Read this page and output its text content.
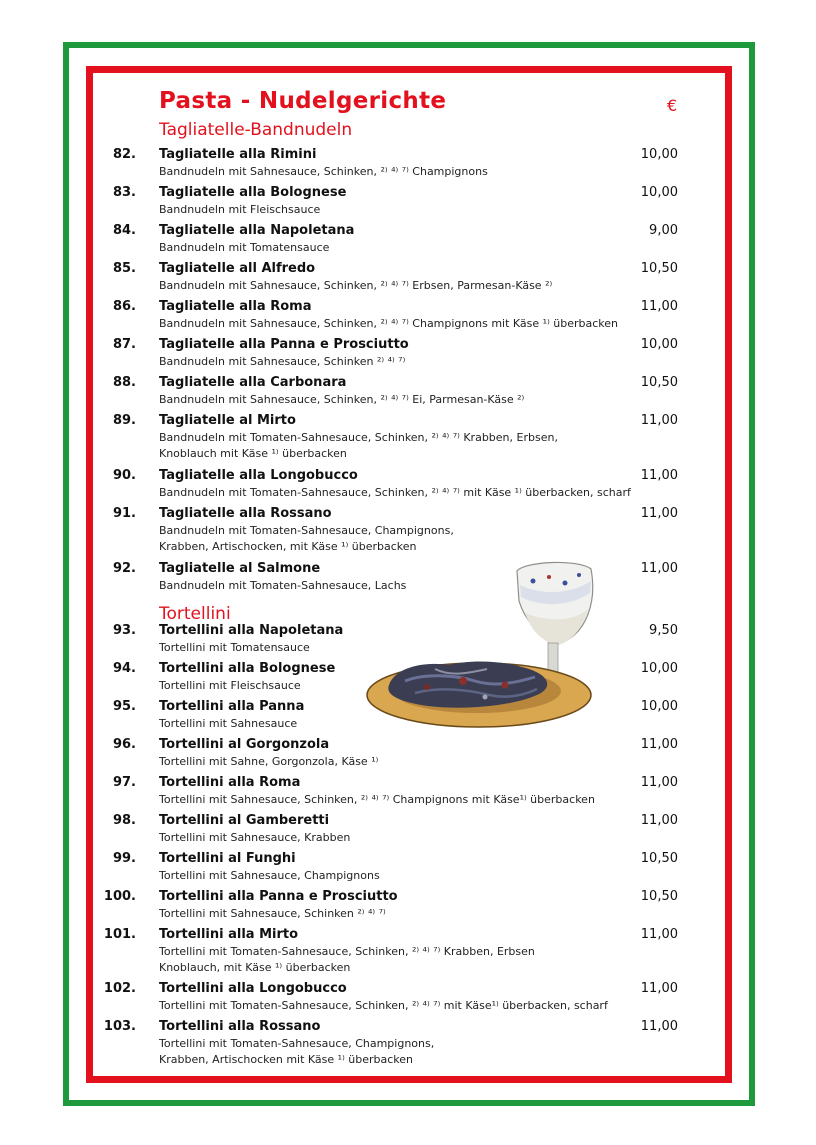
Pasta - Nudelgerichte	€
Tagliatelle-Bandnudeln
82. Tagliatelle alla Rimini
Bandnudeln mit Sahnesauce, Schinken, ²⁾ ⁴⁾ ⁷⁾ Champignons
10,00
83. Tagliatelle alla Bolognese
Bandnudeln mit Fleischsauce
10,00
84. Tagliatelle alla Napoletana
Bandnudeln mit Tomatensauce
9,00
85. Tagliatelle all Alfredo
Bandnudeln mit Sahnesauce, Schinken, ²⁾ ⁴⁾ ⁷⁾ Erbsen, Parmesan-Käse ²⁾
10,50
86. Tagliatelle alla Roma
Bandnudeln mit Sahnesauce, Schinken, ²⁾ ⁴⁾ ⁷⁾ Champignons mit Käse ¹⁾ überbacken
11,00
87. Tagliatelle alla Panna e Prosciutto
Bandnudeln mit Sahnesauce, Schinken ²⁾ ⁴⁾ ⁷⁾
10,00
88. Tagliatelle alla Carbonara
Bandnudeln mit Sahnesauce, Schinken, ²⁾ ⁴⁾ ⁷⁾ Ei, Parmesan-Käse ²⁾
10,50
89. Tagliatelle al Mirto
Bandnudeln mit Tomaten-Sahnesauce, Schinken, ²⁾ ⁴⁾ ⁷⁾ Krabben, Erbsen, Knoblauch mit Käse ¹⁾ überbacken
11,00
90. Tagliatelle alla Longobucco
Bandnudeln mit Tomaten-Sahnesauce, Schinken, ²⁾ ⁴⁾ ⁷⁾ mit Käse ¹⁾ überbacken, scharf
11,00
91. Tagliatelle alla Rossano
Bandnudeln mit Tomaten-Sahnesauce, Champignons, Krabben, Artischocken, mit Käse ¹⁾ überbacken
11,00
92. Tagliatelle al Salmone
Bandnudeln mit Tomaten-Sahnesauce, Lachs
11,00
Tortellini
93. Tortellini alla Napoletana
Tortellini mit Tomatensauce
9,50
94. Tortellini alla Bolognese
Tortellini mit Fleischsauce
10,00
95. Tortellini alla Panna
Tortellini mit Sahnesauce
10,00
96. Tortellini al Gorgonzola
Tortellini mit Sahne, Gorgonzola, Käse ¹⁾
11,00
97. Tortellini alla Roma
Tortellini mit Sahnesauce, Schinken, ²⁾ ⁴⁾ ⁷⁾ Champignons mit Käse¹⁾ überbacken
11,00
98. Tortellini al Gamberetti
Tortellini mit Sahnesauce, Krabben
11,00
99. Tortellini al Funghi
Tortellini mit Sahnesauce, Champignons
10,50
100. Tortellini alla Panna e Prosciutto
Tortellini mit Sahnesauce, Schinken ²⁾ ⁴⁾ ⁷⁾
10,50
101. Tortellini alla Mirto
Tortellini mit Tomaten-Sahnesauce, Schinken, ²⁾ ⁴⁾ ⁷⁾ Krabben, Erbsen Knoblauch, mit Käse ¹⁾ überbacken
11,00
102. Tortellini alla Longobucco
Tortellini mit Tomaten-Sahnesauce, Schinken, ²⁾ ⁴⁾ ⁷⁾ mit Käse¹⁾ überbacken, scharf
11,00
103. Tortellini alla Rossano
Tortellini mit Tomaten-Sahnesauce, Champignons, Krabben, Artischocken mit Käse ¹⁾ überbacken
11,00
